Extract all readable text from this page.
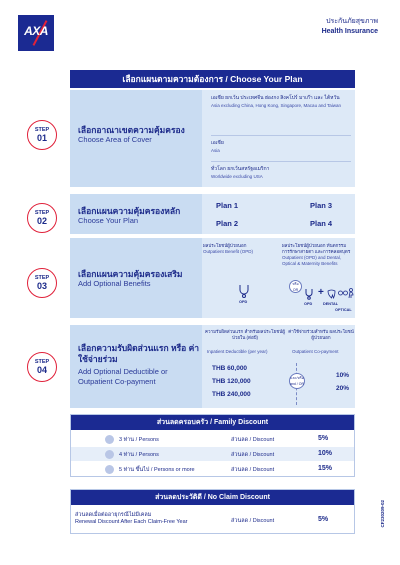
AXA
ประกันภัยสุขภาพ
Health Insurance
เลือกแผนตามความต้องการ / Choose Your Plan
STEP
01
เลือกอาณาเขตความคุ้มครอง
Choose Area of Cover
เอเชีย ยกเว้น ประเทศจีน ฮ่องกง สิงคโปร์ มาเก๊า และ ไต้หวัน
Asia excluding China, Hong Kong, Singapore, Macau and Taiwan
เอเชีย
Asia
ทั่วโลก ยกเว้นสหรัฐอเมริกา
Worldwide excluding USA
STEP
02
เลือกแผนความคุ้มครองหลัก
Choose Your Plan
Plan 1	Plan 3
Plan 2	Plan 4
STEP
03
เลือกแผนความคุ้มครองเสริม
Add Optional Benefits
ผลประโยชน์ผู้ป่วยนอก
Outpatient Benefit (OPD)
ผลประโยชน์ผู้ป่วยนอก ทันตกรรม การรักษาสายตา และการคลอดบุตร
Outpatient (OPD) and Dental, Optical & Maternity Benefits
OPD
หรือ
OR	+
OPD	DENTAL
OPTICAL
STEP
04
เลือกความรับผิดส่วนแรก หรือ ค่าใช้จ่ายร่วม
Add Optional Deductible or Outpatient Co-payment
ความรับผิดส่วนแรก สำหรับผลประโยชน์ผู้ป่วยใน (ต่อปี)
Inpatient Deductible (per year)
ค่าใช้จ่ายร่วมสำหรับ ผลประโยชน์ผู้ป่วยนอก
Outpatient Co-payment
THB 60,000
THB 120,000
THB 240,000
และ/หรือ
and / OR
10%
20%
ส่วนลดครอบครัว / Family Discount
3 ท่าน / Persons	ส่วนลด / Discount	5%
4 ท่าน / Persons	ส่วนลด / Discount	10%
5 ท่าน ขึ้นไป / Persons or more	ส่วนลด / Discount	15%
ส่วนลดประวัติดี / No Claim Discount
ส่วนลดเมื่อต่ออายุกรณีไม่มีเคลม
Renewal Discount After Each Claim-Free Year	ส่วนลด / Discount	5%	CF230209-02
